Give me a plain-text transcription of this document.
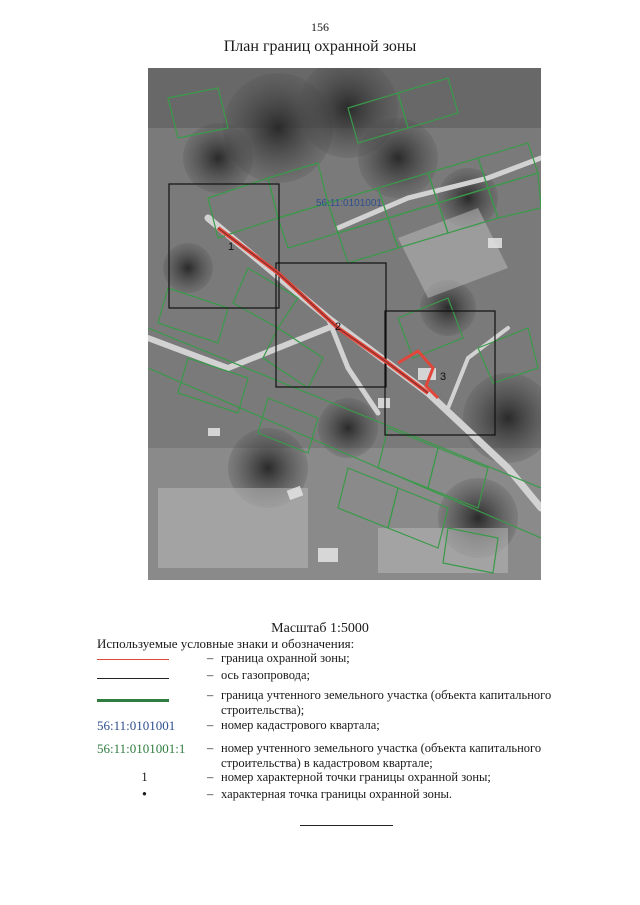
156
План границ охранной зоны
56:11:0101001
1
2
3
Масштаб 1:5000
Используемые условные знаки и обозначения:
– граница охранной зоны;
– ось газопровода;
– граница учтенного земельного участка (объекта капитального строительства);
56:11:0101001	– номер кадастрового квартала;
56:11:0101001:1 – номер учтенного земельного участка (объекта капитального строительства) в кадастровом квартале;
1	– номер характерной точки границы охранной зоны;
•	– характерная точка границы охранной зоны.
